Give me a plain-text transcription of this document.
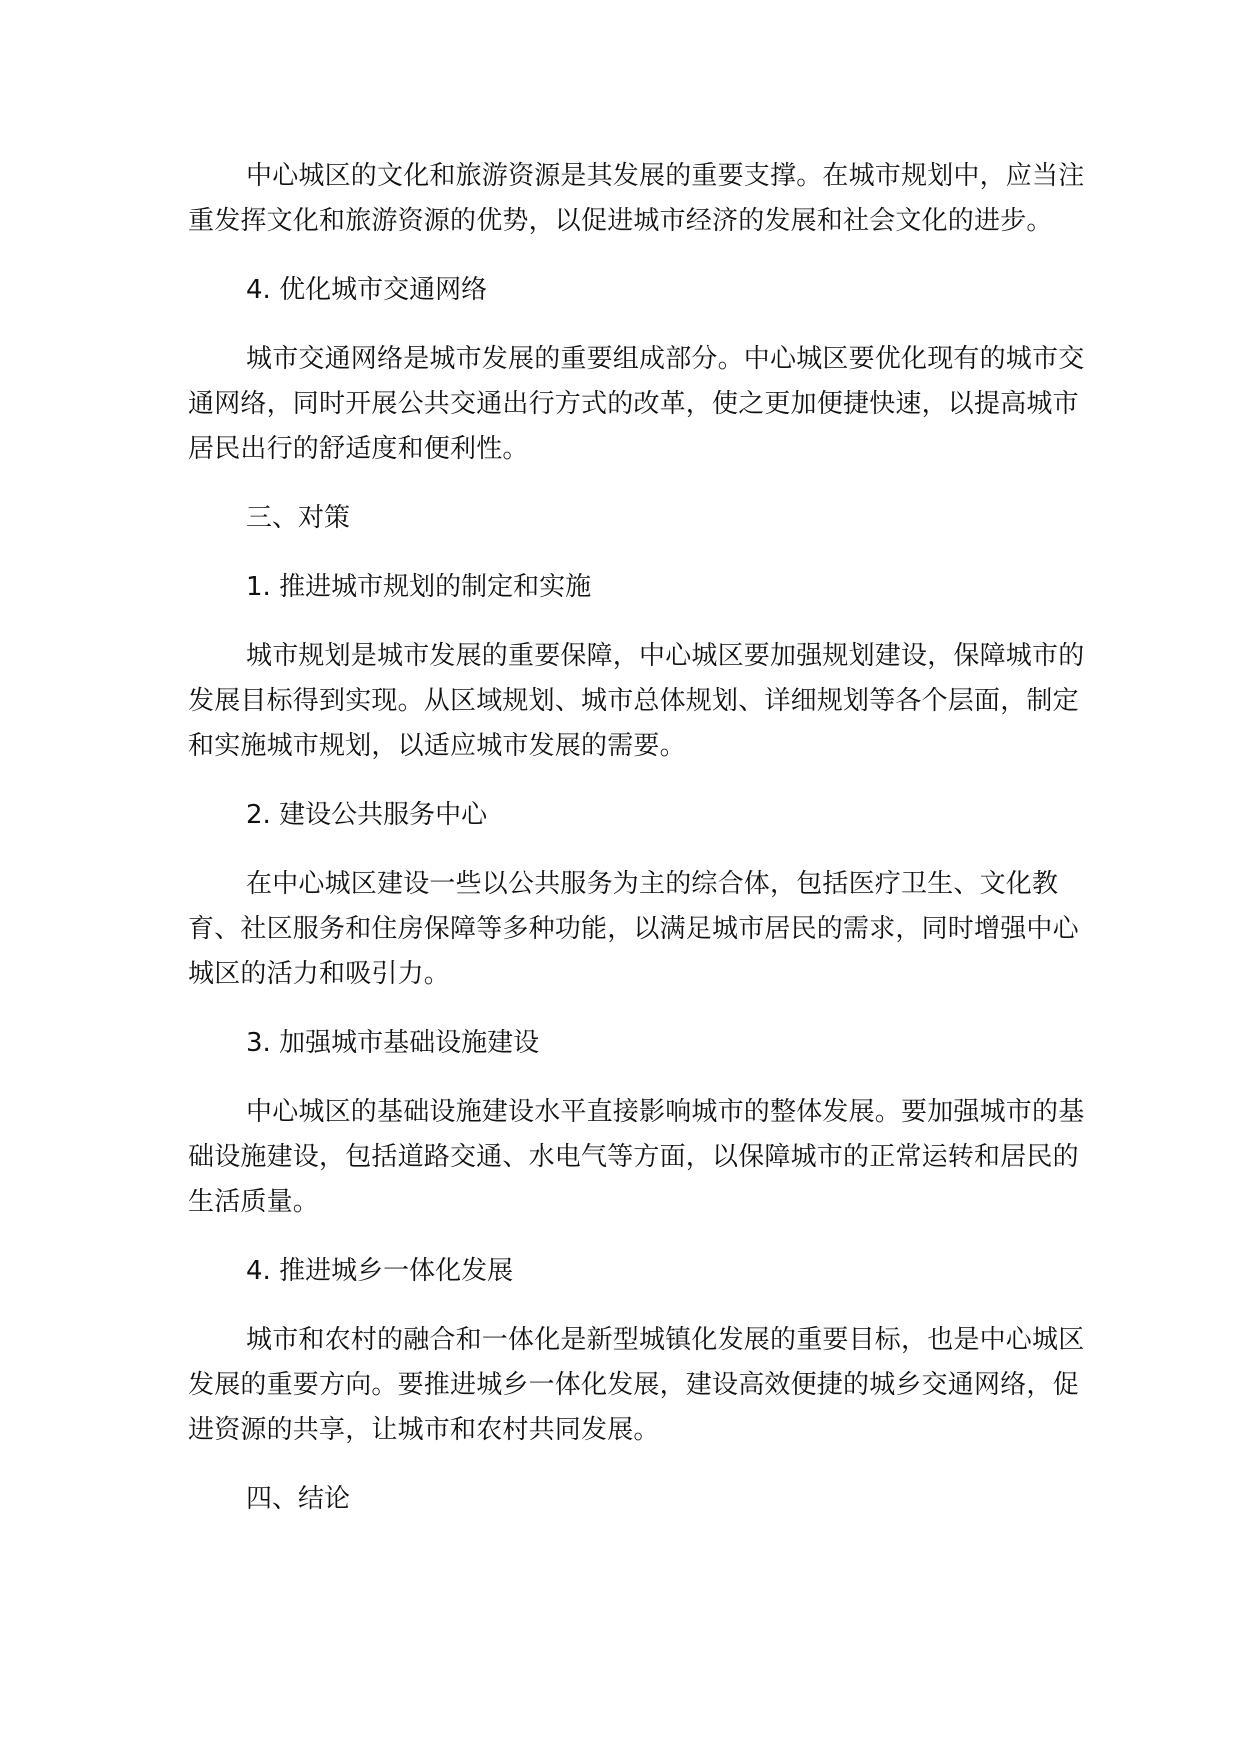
中心城区的文化和旅游资源是其发展的重要支撑。在城市规划中，应当注重发挥文化和旅游资源的优势，以促进城市经济的发展和社会文化的进步。

4. 优化城市交通网络

城市交通网络是城市发展的重要组成部分。中心城区要优化现有的城市交通网络，同时开展公共交通出行方式的改革，使之更加便捷快速，以提高城市居民出行的舒适度和便利性。

三、对策

1. 推进城市规划的制定和实施

城市规划是城市发展的重要保障，中心城区要加强规划建设，保障城市的发展目标得到实现。从区域规划、城市总体规划、详细规划等各个层面，制定和实施城市规划，以适应城市发展的需要。

2. 建设公共服务中心

在中心城区建设一些以公共服务为主的综合体，包括医疗卫生、文化教育、社区服务和住房保障等多种功能，以满足城市居民的需求，同时增强中心城区的活力和吸引力。

3. 加强城市基础设施建设

中心城区的基础设施建设水平直接影响城市的整体发展。要加强城市的基础设施建设，包括道路交通、水电气等方面，以保障城市的正常运转和居民的生活质量。

4. 推进城乡一体化发展

城市和农村的融合和一体化是新型城镇化发展的重要目标，也是中心城区发展的重要方向。要推进城乡一体化发展，建设高效便捷的城乡交通网络，促进资源的共享，让城市和农村共同发展。

四、结论
